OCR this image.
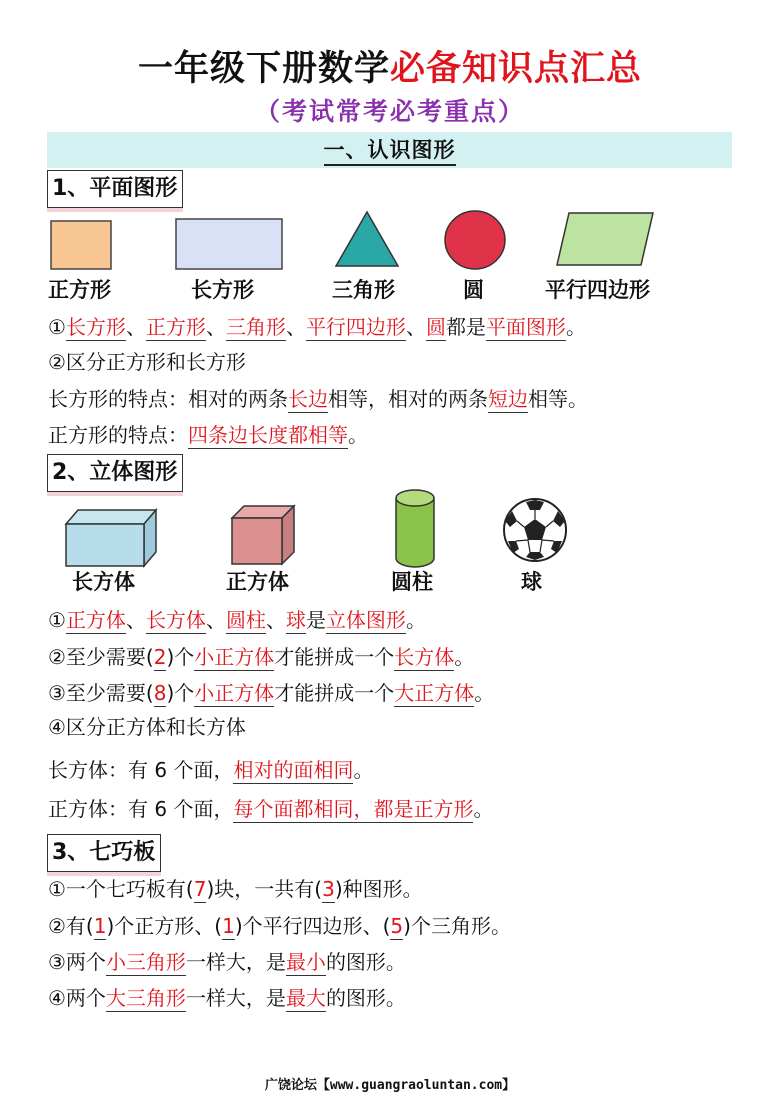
一年级下册数学必备知识点汇总
（考试常考必考重点）
一、认识图形
1、平面图形
正方形	长方形	三角形	圆	平行四边形
①长方形、正方形、三角形、平行四边形、圆都是平面图形。
②区分正方形和长方形
长方形的特点：相对的两条长边相等，相对的两条短边相等。
正方形的特点：四条边长度都相等。
2、立体图形
长方体	正方体	圆柱	球
①正方体、长方体、圆柱、球是立体图形。
②至少需要(2)个小正方体才能拼成一个长方体。
③至少需要(8)个小正方体才能拼成一个大正方体。
④区分正方体和长方体
长方体：有 6 个面，相对的面相同。
正方体：有 6 个面，每个面都相同，都是正方形。
3、七巧板
①一个七巧板有(7)块，一共有(3)种图形。
②有(1)个正方形、(1)个平行四边形、(5)个三角形。
③两个小三角形一样大，是最小的图形。
④两个大三角形一样大，是最大的图形。
广饶论坛【www.guangraoluntan.com】
